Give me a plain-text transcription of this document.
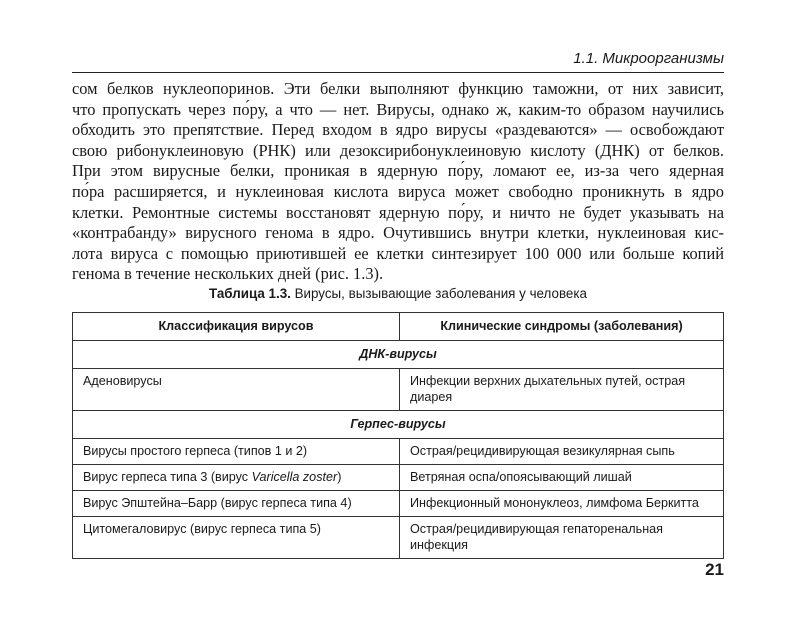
1.1. Микроорганизмы

сом белков нуклеопоринов. Эти белки выполняют функцию таможни, от них зависит,
что пропускать через по́ру, а что — нет. Вирусы, однако ж, каким-то образом научились
обходить это препятствие. Перед входом в ядро вирусы «раздеваются» — освобождают
свою рибонуклеиновую (РНК) или дезоксирибонуклеиновую кислоту (ДНК) от белков.
При этом вирусные белки, проникая в ядерную по́ру, ломают ее, из-за чего ядерная
по́ра расширяется, и нуклеиновая кислота вируса может свободно проникнуть в ядро
клетки. Ремонтные системы восстановят ядерную по́ру, и ничто не будет указывать на
«контрабанду» вирусного генома в ядро. Очутившись внутри клетки, нуклеиновая кис-
лота вируса с помощью приютившей ее клетки синтезирует 100 000 или больше копий
генома в течение нескольких дней (рис. 1.3).

Таблица 1.3. Вирусы, вызывающие заболевания у человека
Классификация вирусов	Клинические синдромы (заболевания)
ДНК-вирусы	
Аденовирусы	Инфекции верхних дыхательных путей, острая диарея
Герпес-вирусы	
Вирусы простого герпеса (типов 1 и 2)	Острая/рецидивирующая везикулярная сыпь
Вирус герпеса типа 3 (вирус Varicella zoster)	Ветряная оспа/опоясывающий лишай
Вирус Эпштейна–Барр (вирус герпеса типа 4)	Инфекционный мононуклеоз, лимфома Беркитта
Цитомегаловирус (вирус герпеса типа 5)	Острая/рецидивирующая гепаторенальная инфекция
21
